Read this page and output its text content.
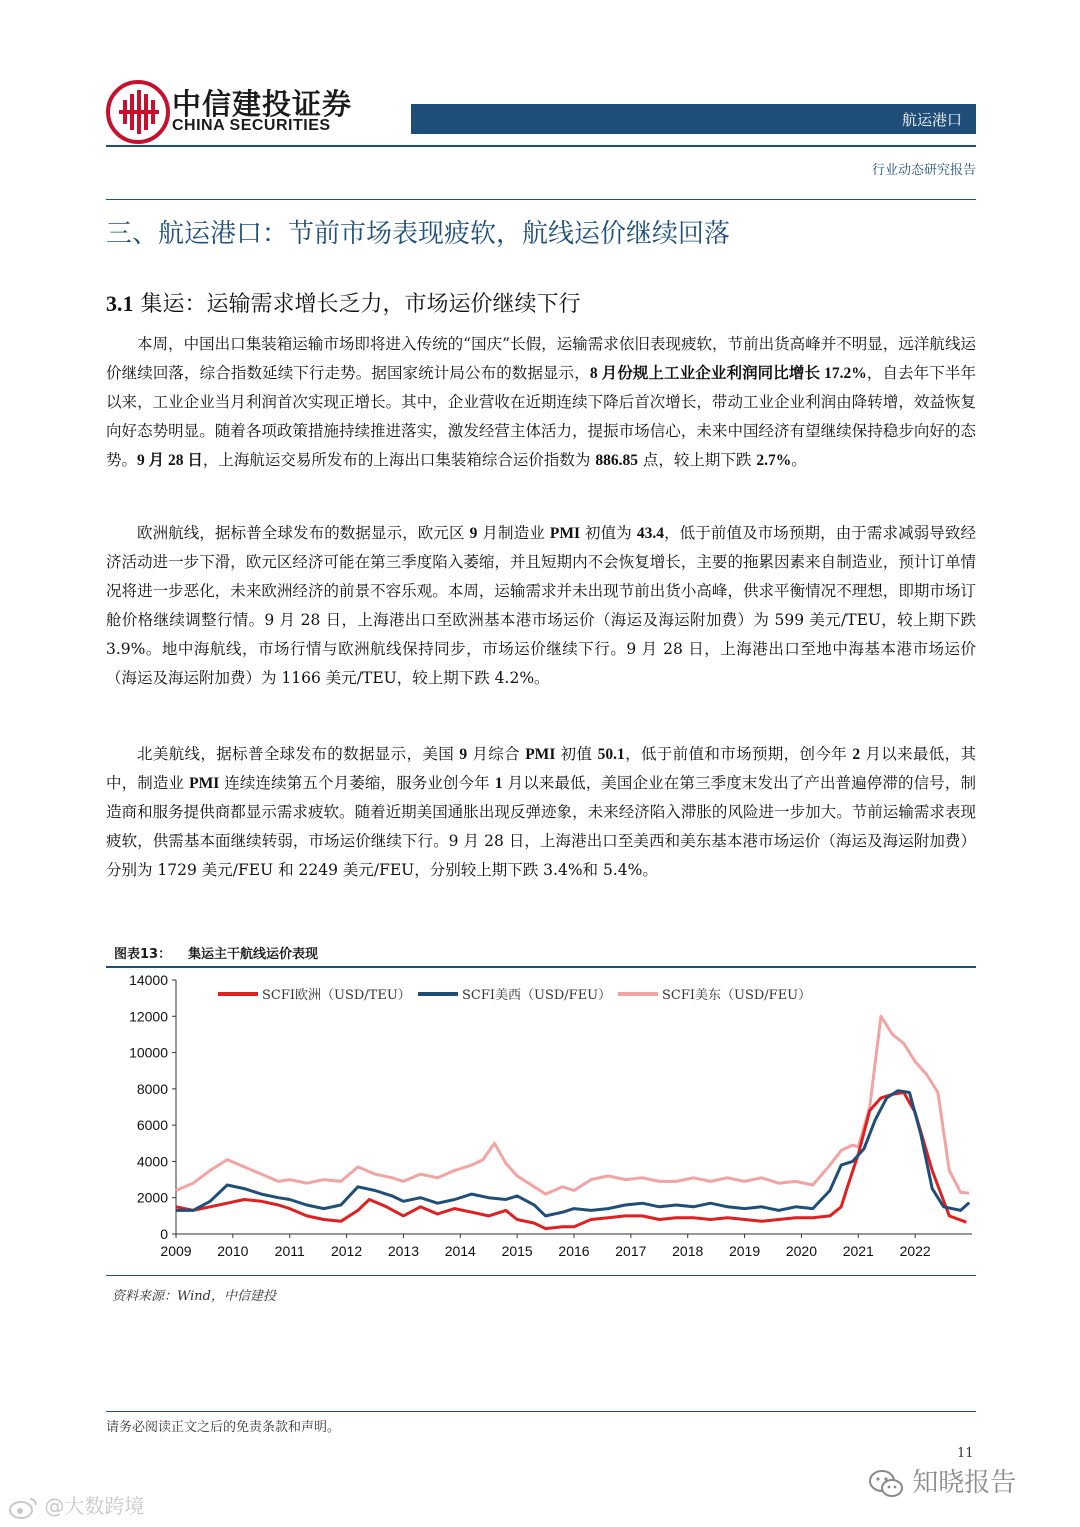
中信建投证券
CHINA SECURITIES	航运港口
行业动态研究报告
三、航运港口：节前市场表现疲软，航线运价继续回落
3.1 集运：运输需求增长乏力，市场运价继续下行

本周，中国出口集装箱运输市场即将进入传统的“国庆”长假，运输需求依旧表现疲软，节前出货高峰并不明显，远洋航线运价继续回落，综合指数延续下行走势。据国家统计局公布的数据显示，8 月份规上工业企业利润同比增长 17.2%，自去年下半年以来，工业企业当月利润首次实现正增长。其中，企业营收在近期连续下降后首次增长，带动工业企业利润由降转增，效益恢复向好态势明显。随着各项政策措施持续推进落实，激发经营主体活力，提振市场信心，未来中国经济有望继续保持稳步向好的态势。9 月 28 日，上海航运交易所发布的上海出口集装箱综合运价指数为 886.85 点，较上期下跌 2.7%。

欧洲航线，据标普全球发布的数据显示，欧元区 9 月制造业 PMI 初值为 43.4，低于前值及市场预期，由于需求减弱导致经济活动进一步下滑，欧元区经济可能在第三季度陷入萎缩，并且短期内不会恢复增长，主要的拖累因素来自制造业，预计订单情况将进一步恶化，未来欧洲经济的前景不容乐观。本周，运输需求并未出现节前出货小高峰，供求平衡情况不理想，即期市场订舱价格继续调整行情。9 月 28 日，上海港出口至欧洲基本港市场运价（海运及海运附加费）为 599 美元/TEU，较上期下跌 3.9%。地中海航线，市场行情与欧洲航线保持同步，市场运价继续下行。9 月 28 日，上海港出口至地中海基本港市场运价（海运及海运附加费）为 1166 美元/TEU，较上期下跌 4.2%。

北美航线，据标普全球发布的数据显示，美国 9 月综合 PMI 初值 50.1，低于前值和市场预期，创今年 2 月以来最低，其中，制造业 PMI 连续连续第五个月萎缩，服务业创今年 1 月以来最低，美国企业在第三季度末发出了产出普遍停滞的信号，制造商和服务提供商都显示需求疲软。随着近期美国通胀出现反弹迹象，未来经济陷入滞胀的风险进一步加大。节前运输需求表现疲软，供需基本面继续转弱，市场运价继续下行。9 月 28 日，上海港出口至美西和美东基本港市场运价（海运及海运附加费）分别为 1729 美元/FEU 和 2249 美元/FEU，分别较上期下跌 3.4%和 5.4%。

图表13： 集运主干航线运价表现
0
2000
4000
6000
8000
10000
12000
14000
2009 2010 2011 2012 2013 2014 2015 2016 2017 2018 2019 2020 2021 2022
SCFI欧洲（USD/TEU）	SCFI美西（USD/FEU）	SCFI美东（USD/FEU）
资料来源：Wind，中信建投
请务必阅读正文之后的免责条款和声明。
11
@大数跨境
知晓报告
